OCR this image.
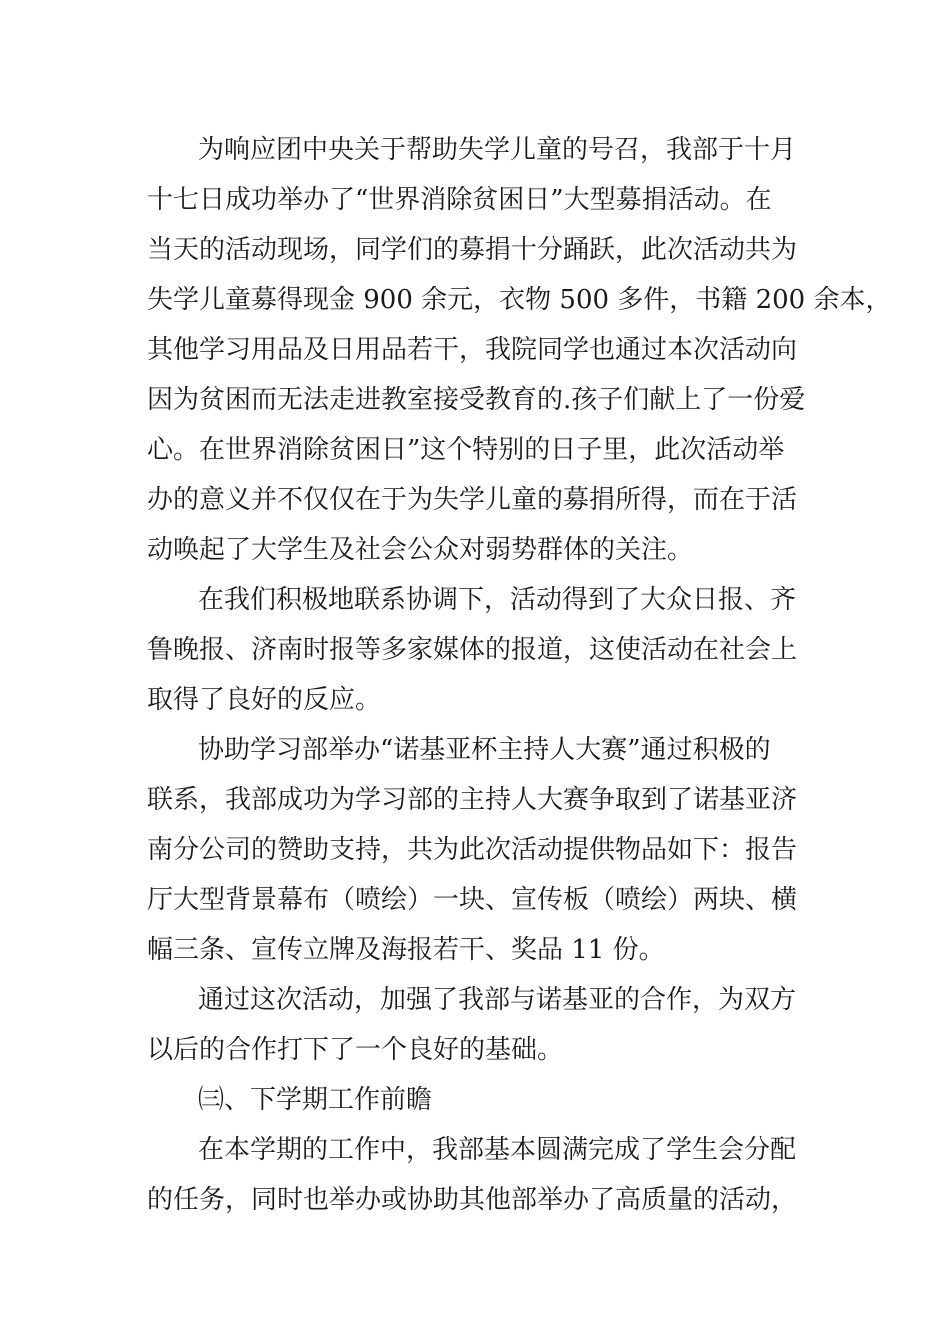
为响应团中央关于帮助失学儿童的号召，我部于十月
十七日成功举办了“世界消除贫困日”大型募捐活动。在
当天的活动现场，同学们的募捐十分踊跃，此次活动共为
失学儿童募得现金 900 余元，衣物 500 多件，书籍 200 余本，
其他学习用品及日用品若干，我院同学也通过本次活动向
因为贫困而无法走进教室接受教育的.孩子们献上了一份爱
心。在世界消除贫困日”这个特别的日子里，此次活动举
办的意义并不仅仅在于为失学儿童的募捐所得，而在于活
动唤起了大学生及社会公众对弱势群体的关注。
在我们积极地联系协调下，活动得到了大众日报、齐
鲁晚报、济南时报等多家媒体的报道，这使活动在社会上
取得了良好的反应。
协助学习部举办“诺基亚杯主持人大赛”通过积极的
联系，我部成功为学习部的主持人大赛争取到了诺基亚济
南分公司的赞助支持，共为此次活动提供物品如下：报告
厅大型背景幕布（喷绘）一块、宣传板（喷绘）两块、横
幅三条、宣传立牌及海报若干、奖品 11 份。
通过这次活动，加强了我部与诺基亚的合作，为双方
以后的合作打下了一个良好的基础。
㈢、下学期工作前瞻
在本学期的工作中，我部基本圆满完成了学生会分配
的任务，同时也举办或协助其他部举办了高质量的活动，
